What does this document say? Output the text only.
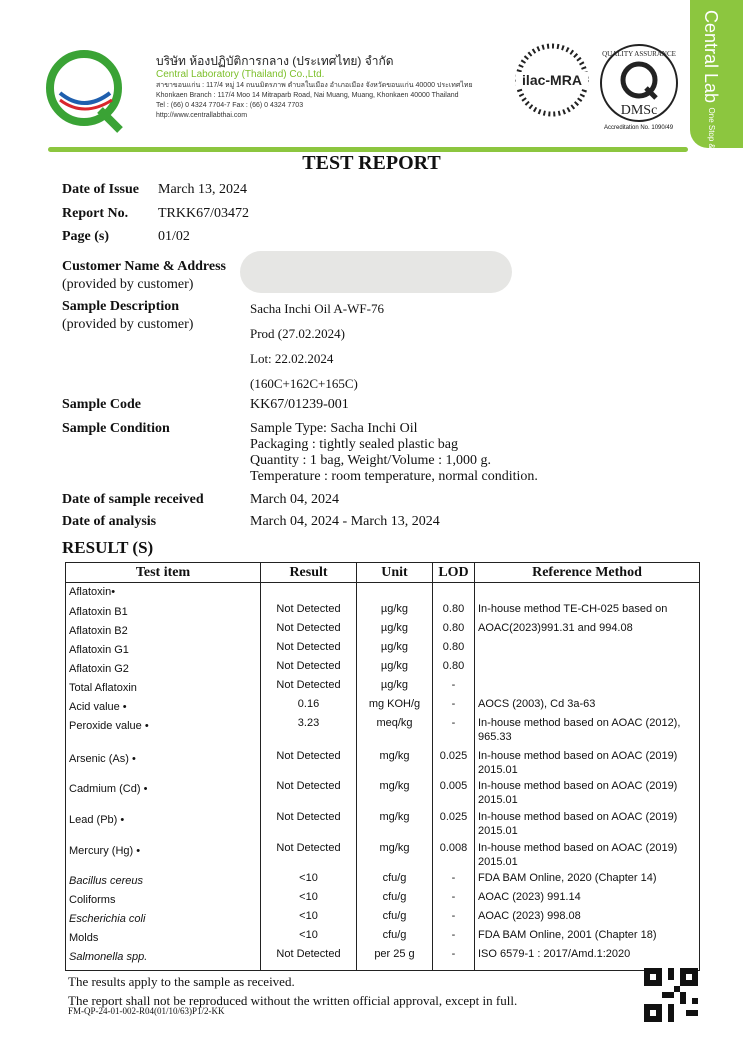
บริษัท ห้องปฏิบัติการกลาง (ประเทศไทย) จำกัด
Central Laboratory (Thailand) Co.,Ltd.
สาขาขอนแก่น : 117/4 หมู่ 14 ถนนมิตรภาพ ตำบลในเมือง อำเภอเมือง จังหวัดขอนแก่น 40000 ประเทศไทย
Khonkaen Branch : 117/4 Moo 14 Mitraparb Road, Nai Muang, Muang, Khonkaen 40000 Thailand
Tel : (66) 0 4324 7704-7 Fax : (66) 0 4324 7703
http://www.centrallabthai.com
ilac-MRA
DMSc
QUALITY ASSURANCE
Accreditation No. 1090/49
Central Lab One Stop & Fast Services
TEST REPORT
Date of Issue March 13, 2024
Report No. TRKK67/03472
Page (s)	01/02
Customer Name & Address
(provided by customer)
Sample Description
(provided by customer)
Sacha Inchi Oil A-WF-76
Prod (27.02.2024)
Lot: 22.02.2024
(160C+162C+165C)
Sample Code	KK67/01239-001
Sample Condition	Sample Type: Sacha Inchi Oil
Packaging : tightly sealed plastic bag
Quantity : 1 bag, Weight/Volume : 1,000 g.
Temperature : room temperature, normal condition.
Date of sample received	March 04, 2024
Date of analysis	March 04, 2024 - March 13, 2024
RESULT (S)
Test item	Result	Unit	LOD	Reference Method
Aflatoxin•				
Aflatoxin B1	Not Detected	µg/kg	0.80	In-house method TE-CH-025 based on
Aflatoxin B2	Not Detected	µg/kg	0.80	AOAC(2023)991.31 and 994.08
Aflatoxin G1	Not Detected	µg/kg	0.80	
Aflatoxin G2	Not Detected	µg/kg	0.80	
Total Aflatoxin	Not Detected	µg/kg	-	
Acid value •	0.16	mg KOH/g	-	AOCS (2003), Cd 3a-63
Peroxide value •	3.23	meq/kg	-	In-house method based on AOAC (2012), 965.33
Arsenic (As) •	Not Detected	mg/kg	0.025	In-house method based on AOAC (2019) 2015.01
Cadmium (Cd) •	Not Detected	mg/kg	0.005	In-house method based on AOAC (2019) 2015.01
Lead (Pb) •	Not Detected	mg/kg	0.025	In-house method based on AOAC (2019) 2015.01
Mercury (Hg) •	Not Detected	mg/kg	0.008	In-house method based on AOAC (2019) 2015.01
Bacillus cereus	<10	cfu/g	-	FDA BAM Online, 2020 (Chapter 14)
Coliforms	<10	cfu/g	-	AOAC (2023) 991.14
Escherichia coli	<10	cfu/g	-	AOAC (2023) 998.08
Molds	<10	cfu/g	-	FDA BAM Online, 2001 (Chapter 18)
Salmonella spp.	Not Detected	per 25 g	-	ISO 6579-1 : 2017/Amd.1:2020
The results apply to the sample as received.
The report shall not be reproduced without the written official approval, except in full.
FM-QP-24-01-002-R04(01/10/63)P1/2-KK
